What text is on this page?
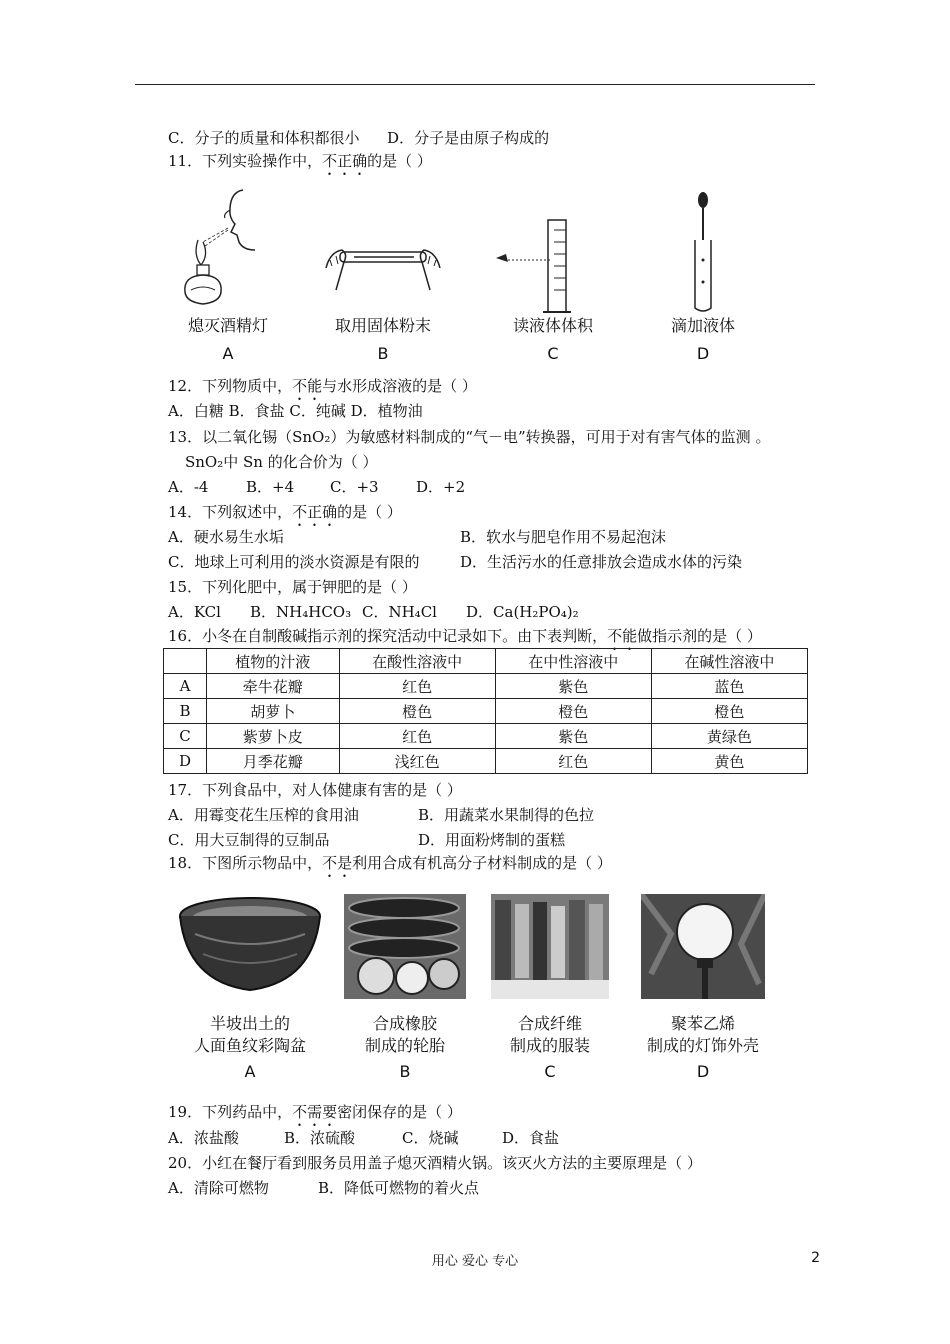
C．分子的质量和体积都很小 D．分子是由原子构成的
11．下列实验操作中，不正确的是（ ）
熄灭酒精灯
A
取用固体粉末
B
读液体体积
C
滴加液体
D
12．下列物质中，不能与水形成溶液的是（ ）
A．白糖 B．食盐 C．纯碱 D．植物油
13．以二氧化锡（SnO₂）为敏感材料制成的“气－电”转换器，可用于对有害气体的监测 。
SnO₂中 Sn 的化合价为（ ）
A．-4	B．+4 C．+3 D．+2
14．下列叙述中，不正确的是（ ）
A．硬水易生水垢	B．软水与肥皂作用不易起泡沫
C．地球上可利用的淡水资源是有限的	D．生活污水的任意排放会造成水体的污染
15．下列化肥中，属于钾肥的是（ ）
A．KCl B．NH₄HCO₃ C．NH₄Cl D．Ca(H₂PO₄)₂
16．小冬在自制酸碱指示剂的探究活动中记录如下。由下表判断，不能做指示剂的是（ ）
	植物的汁液	在酸性溶液中	在中性溶液中	在碱性溶液中
A	牵牛花瓣	红色	紫色	蓝色
B	胡萝卜	橙色	橙色	橙色
C	紫萝卜皮	红色	紫色	黄绿色
D	月季花瓣	浅红色	红色	黄色
17．下列食品中，对人体健康有害的是（ ）
A．用霉变花生压榨的食用油	B．用蔬菜水果制得的色拉
C．用大豆制得的豆制品	D．用面粉烤制的蛋糕
18．下图所示物品中，不是利用合成有机高分子材料制成的是（ ）
半坡出土的
人面鱼纹彩陶盆
A
合成橡胶
制成的轮胎
B
合成纤维
制成的服装
C
聚苯乙烯
制成的灯饰外壳
D
19．下列药品中，不需要密闭保存的是（ ）
A．浓盐酸	B．浓硫酸	C．烧碱	D．食盐
20．小红在餐厅看到服务员用盖子熄灭酒精火锅。该灭火方法的主要原理是（ ）
A．清除可燃物	B．降低可燃物的着火点
用心 爱心 专心	2
